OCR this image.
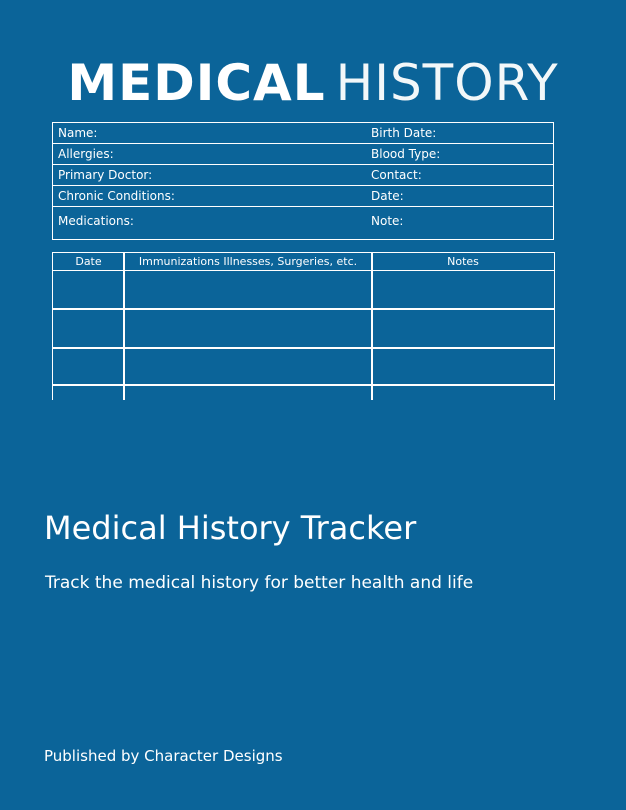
MEDICAL HISTORY
Name:	Birth Date:
Allergies:	Blood Type:
Primary Doctor:	Contact:
Chronic Conditions:	Date:
Medications:	Note:
Date	Immunizations Illnesses, Surgeries, etc.	Notes
Medical History Tracker
Track the medical history for better health and life
Published by Character Designs
